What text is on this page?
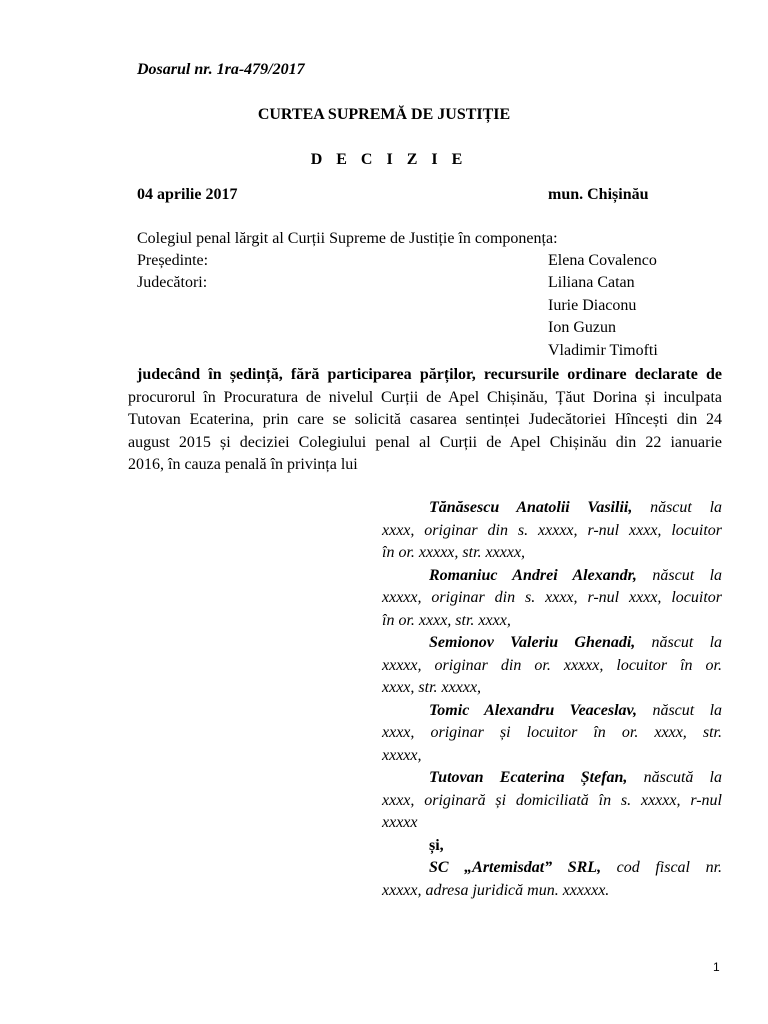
Dosarul nr. 1ra-479/2017
CURTEA SUPREMĂ DE JUSTIȚIE
D E C I Z I E
04 aprilie 2017	mun. Chișinău
Colegiul penal lărgit al Curții Supreme de Justiție în componența:
Președinte:	Elena Covalenco
Judecători:	Liliana Catan
Iurie Diaconu
Ion Guzun
Vladimir Timofti
judecând în ședință, fără participarea părților, recursurile ordinare declarate de
procurorul în Procuratura de nivelul Curții de Apel Chișinău, Țăut Dorina și inculpata
Tutovan Ecaterina, prin care se solicită casarea sentinței Judecătoriei Hîncești din 24
august 2015 și deciziei Colegiului penal al Curții de Apel Chișinău din 22 ianuarie
2016, în cauza penală în privința lui
Tănăsescu Anatolii Vasilii, născut la
xxxx, originar din s. xxxxx, r-nul xxxx, locuitor
în or. xxxxx, str. xxxxx,
Romaniuc Andrei Alexandr, născut la
xxxxx, originar din s. xxxx, r-nul xxxx, locuitor
în or. xxxx, str. xxxx,
Semionov Valeriu Ghenadi, născut la
xxxxx, originar din or. xxxxx, locuitor în or.
xxxx, str. xxxxx,
Tomic Alexandru Veaceslav, născut la
xxxx, originar și locuitor în or. xxxx, str.
xxxxx,
Tutovan Ecaterina Ștefan, născută la
xxxx, originară și domiciliată în s. xxxxx, r-nul
xxxxx
și,
SC „Artemisdat” SRL, cod fiscal nr.
xxxxx, adresa juridică mun. xxxxxx.
1
